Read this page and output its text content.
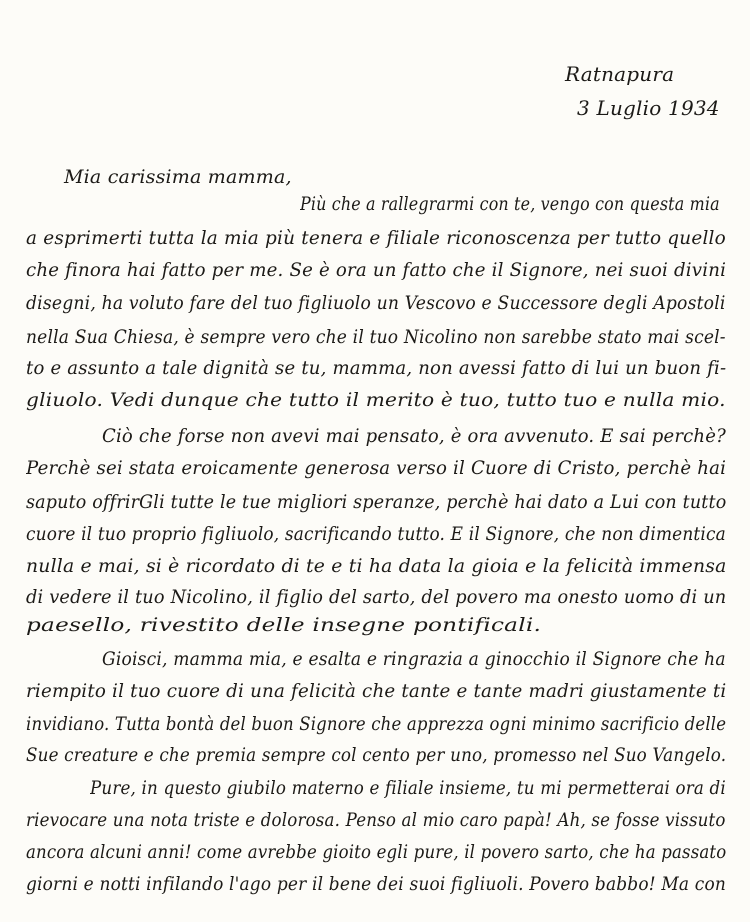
Ratnapura
3 Luglio 1934
Mia carissima mamma,
Più che a rallegrarmi con te, vengo con questa mia
a esprimerti tutta la mia più tenera e filiale riconoscenza per tutto quello
che finora hai fatto per me. Se è ora un fatto che il Signore, nei suoi divini
disegni, ha voluto fare del tuo figliuolo un Vescovo e Successore degli Apostoli
nella Sua Chiesa, è sempre vero che il tuo Nicolino non sarebbe stato mai scel-
to e assunto a tale dignità se tu, mamma, non avessi fatto di lui un buon fi-
gliuolo. Vedi dunque che tutto il merito è tuo, tutto tuo e nulla mio.
Ciò che forse non avevi mai pensato, è ora avvenuto. E sai perchè?
Perchè sei stata eroicamente generosa verso il Cuore di Cristo, perchè hai
saputo offrirGli tutte le tue migliori speranze, perchè hai dato a Lui con tutto
cuore il tuo proprio figliuolo, sacrificando tutto. E il Signore, che non dimentica
nulla e mai, si è ricordato di te e ti ha data la gioia e la felicità immensa
di vedere il tuo Nicolino, il figlio del sarto, del povero ma onesto uomo di un
paesello, rivestito delle insegne pontificali.
Gioisci, mamma mia, e esalta e ringrazia a ginocchio il Signore che ha
riempito il tuo cuore di una felicità che tante e tante madri giustamente ti
invidiano. Tutta bontà del buon Signore che apprezza ogni minimo sacrificio delle
Sue creature e che premia sempre col cento per uno, promesso nel Suo Vangelo.
Pure, in questo giubilo materno e filiale insieme, tu mi permetterai ora di
rievocare una nota triste e dolorosa. Penso al mio caro papà! Ah, se fosse vissuto
ancora alcuni anni! come avrebbe gioito egli pure, il povero sarto, che ha passato
giorni e notti infilando l'ago per il bene dei suoi figliuoli. Povero babbo! Ma con
